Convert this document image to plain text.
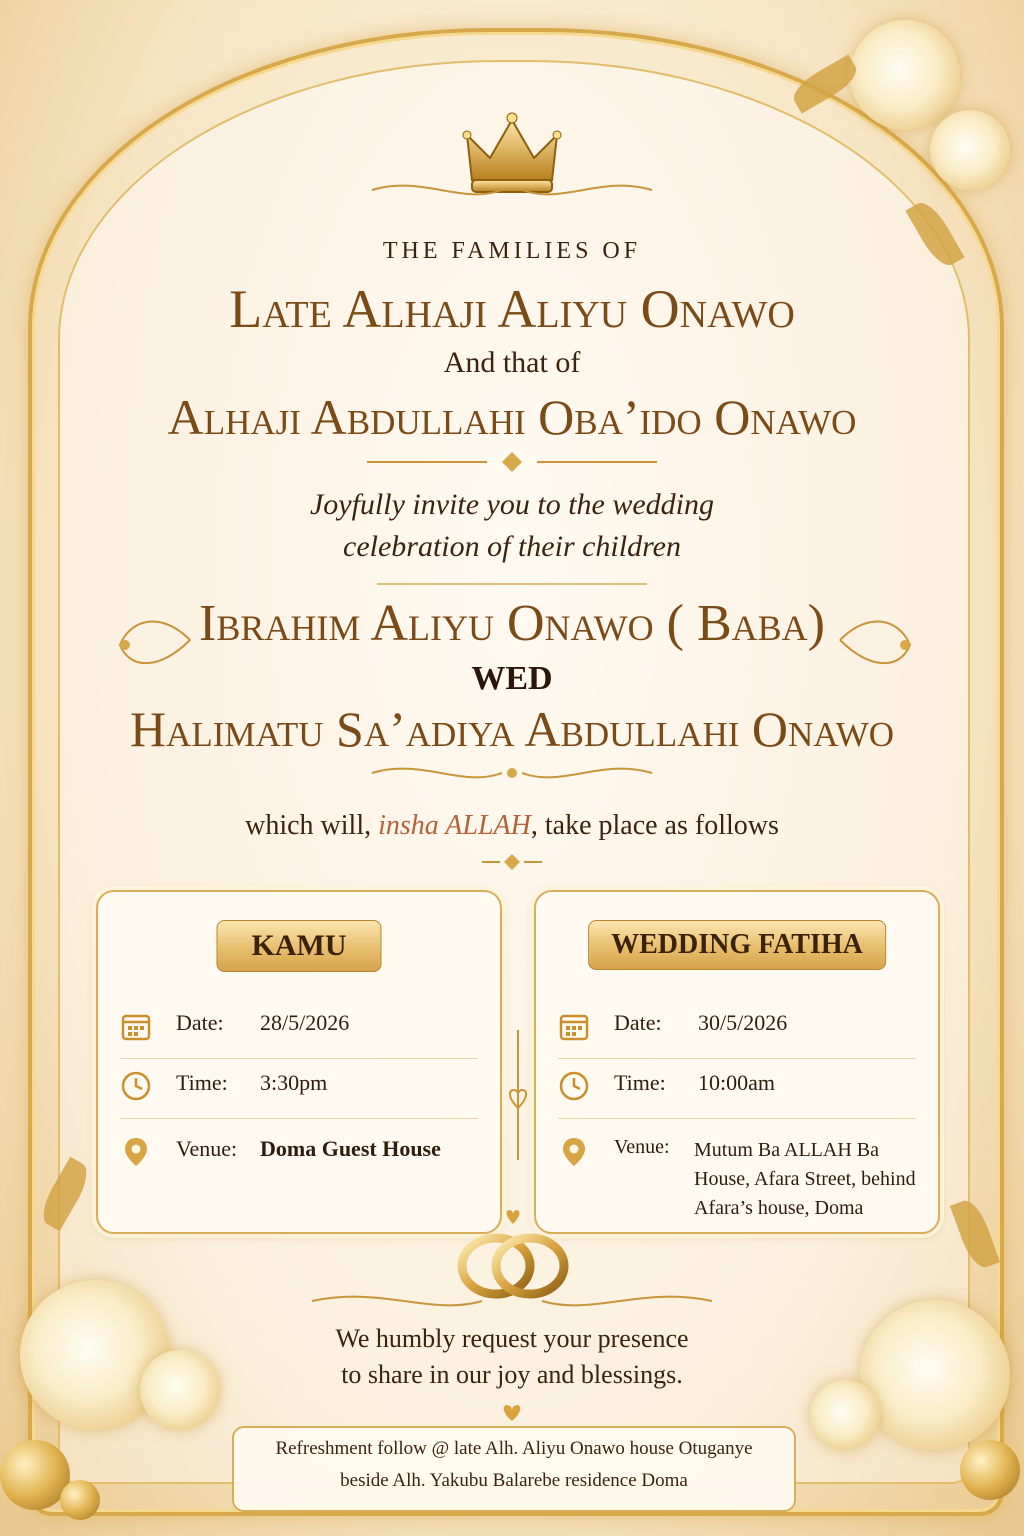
THE FAMILIES OF
Late Alhaji Aliyu Onawo
And that of
Alhaji Abdullahi Oba’ido Onawo
Joyfully invite you to the wedding
celebration of their children
Ibrahim Aliyu Onawo ( Baba)
WED
Halimatu Sa’adiya Abdullahi Onawo
which will, insha ALLAH, take place as follows
KAMU
Date:	28/5/2026
Time:	3:30pm
Venue:	Doma Guest House
WEDDING FATIHA
Date:	30/5/2026
Time:	10:00am
Venue:	Mutum Ba ALLAH Ba House, Afara Street, behind Afara’s house, Doma
We humbly request your presence
to share in our joy and blessings.
Refreshment follow @ late Alh. Aliyu Onawo house Otuganye
beside Alh. Yakubu Balarebe residence Doma
